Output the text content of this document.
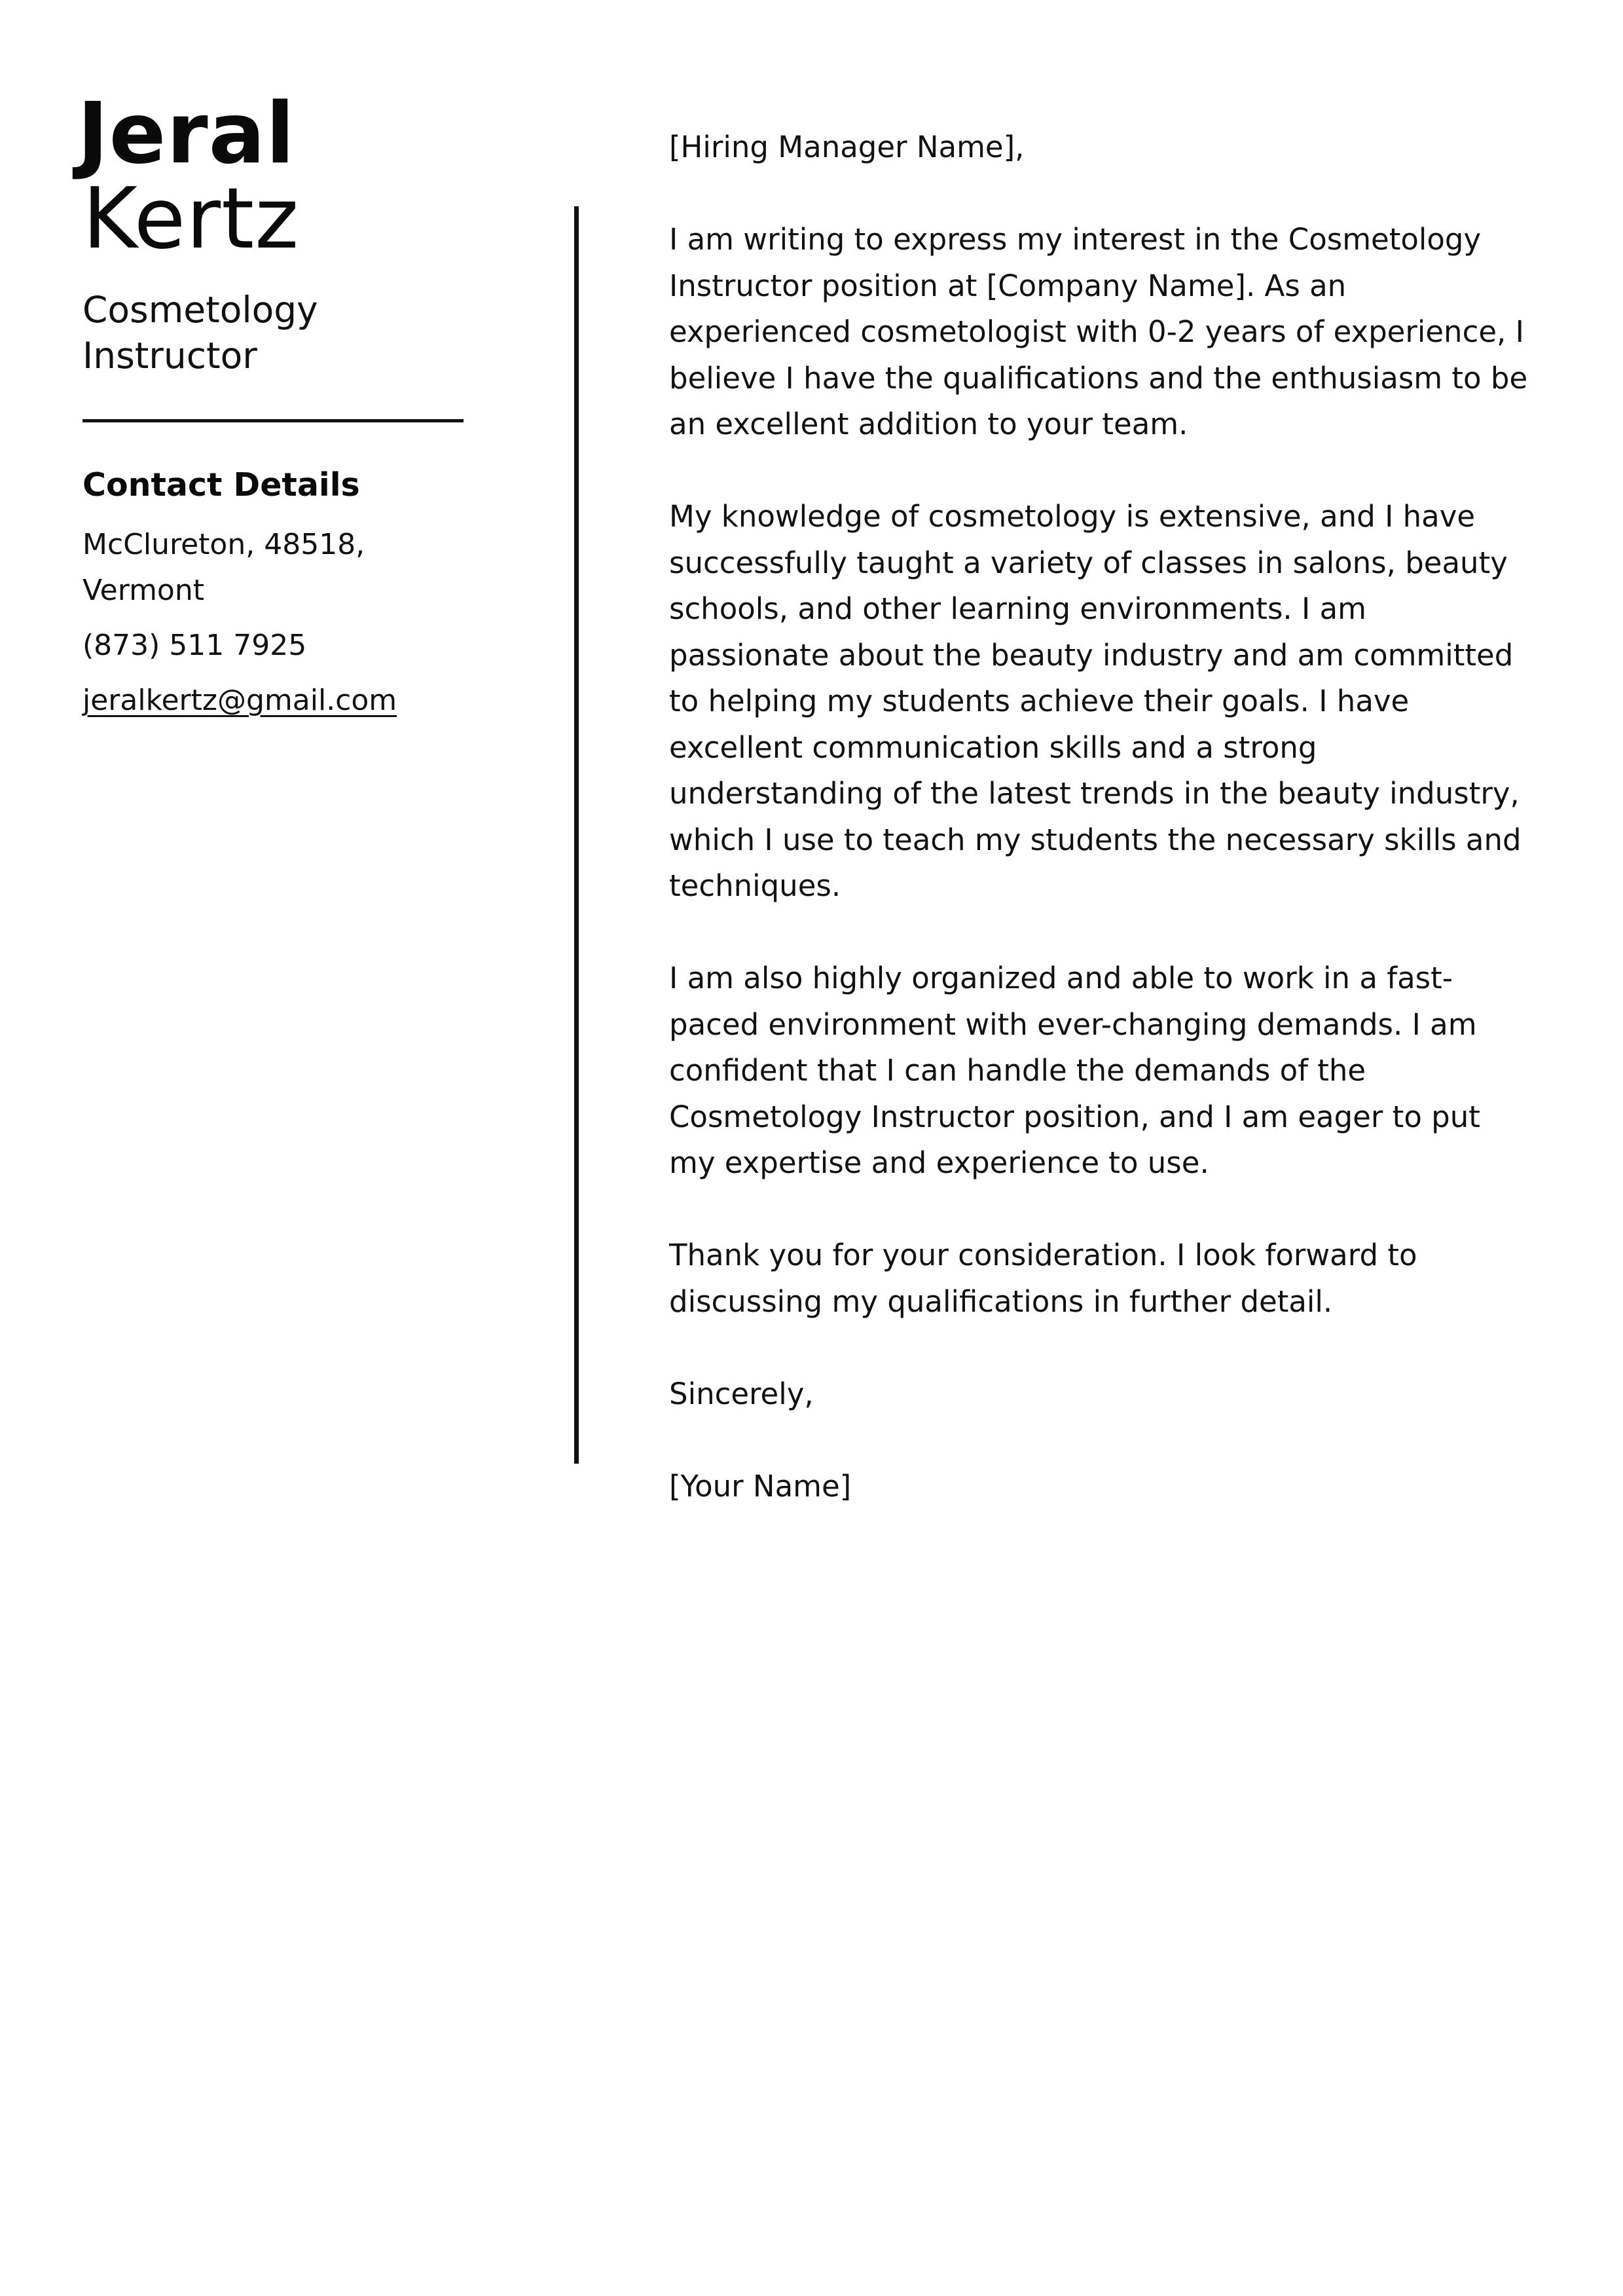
Jeral
Kertz
Cosmetology Instructor
Contact Details
McClureton, 48518, Vermont
(873) 511 7925
jeralkertz@gmail.com

[Hiring Manager Name],

I am writing to express my interest in the Cosmetology Instructor position at [Company Name]. As an experienced cosmetologist with 0-2 years of experience, I believe I have the qualifications and the enthusiasm to be an excellent addition to your team.

My knowledge of cosmetology is extensive, and I have successfully taught a variety of classes in salons, beauty schools, and other learning environments. I am passionate about the beauty industry and am committed to helping my students achieve their goals. I have excellent communication skills and a strong understanding of the latest trends in the beauty industry, which I use to teach my students the necessary skills and techniques.

I am also highly organized and able to work in a fast-paced environment with ever-changing demands. I am confident that I can handle the demands of the Cosmetology Instructor position, and I am eager to put my expertise and experience to use.

Thank you for your consideration. I look forward to discussing my qualifications in further detail.

Sincerely,

[Your Name]
